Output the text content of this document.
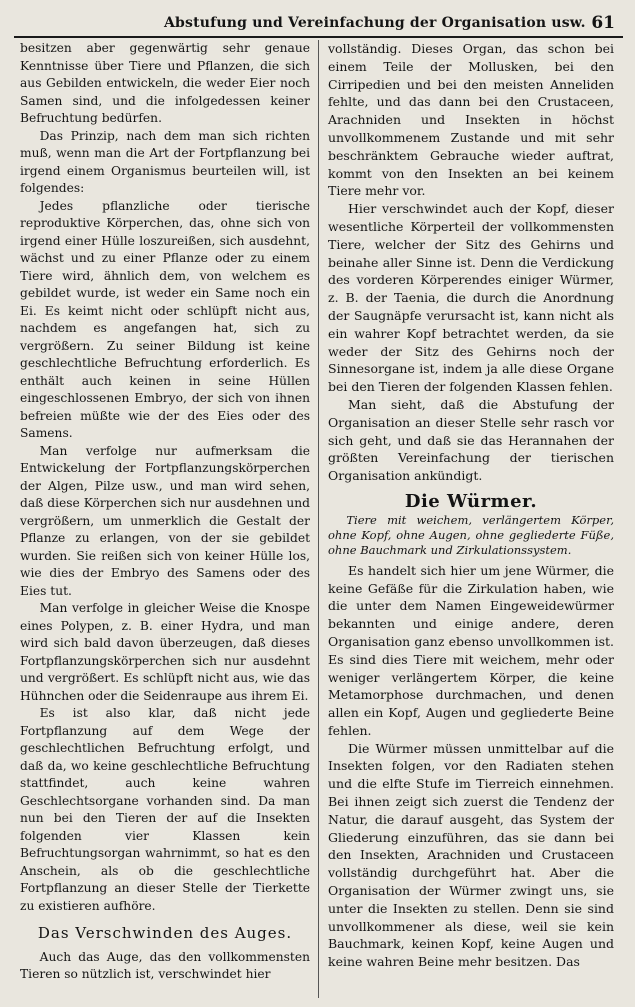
Abstufung und Vereinfachung der Organisation usw. 61

besitzen aber gegenwärtig sehr genaue Kenntnisse über Tiere und Pflanzen, die sich aus Gebilden entwickeln, die weder Eier noch Samen sind, und die infolgedessen keiner Befruchtung bedürfen.

Das Prinzip, nach dem man sich richten muß, wenn man die Art der Fortpflanzung bei irgend einem Organismus beurteilen will, ist folgendes:

Jedes pflanzliche oder tierische reproduktive Körperchen, das, ohne sich von irgend einer Hülle loszureißen, sich ausdehnt, wächst und zu einer Pflanze oder zu einem Tiere wird, ähnlich dem, von welchem es gebildet wurde, ist weder ein Same noch ein Ei. Es keimt nicht oder schlüpft nicht aus, nachdem es angefangen hat, sich zu vergrößern. Zu seiner Bildung ist keine geschlechtliche Befruchtung erforderlich. Es enthält auch keinen in seine Hüllen eingeschlossenen Embryo, der sich von ihnen befreien müßte wie der des Eies oder des Samens.

Man verfolge nur aufmerksam die Entwickelung der Fortpflanzungskörperchen der Algen, Pilze usw., und man wird sehen, daß diese Körperchen sich nur ausdehnen und vergrößern, um unmerklich die Gestalt der Pflanze zu erlangen, von der sie gebildet wurden. Sie reißen sich von keiner Hülle los, wie dies der Embryo des Samens oder des Eies tut.

Man verfolge in gleicher Weise die Knospe eines Polypen, z. B. einer Hydra, und man wird sich bald davon überzeugen, daß dieses Fortpflanzungskörperchen sich nur ausdehnt und vergrößert. Es schlüpft nicht aus, wie das Hühnchen oder die Seidenraupe aus ihrem Ei.

Es ist also klar, daß nicht jede Fortpflanzung auf dem Wege der geschlechtlichen Befruchtung erfolgt, und daß da, wo keine geschlechtliche Befruchtung stattfindet, auch keine wahren Geschlechtsorgane vorhanden sind. Da man nun bei den Tieren der auf die Insekten folgenden vier Klassen kein Befruchtungsorgan wahrnimmt, so hat es den Anschein, als ob die geschlechtliche Fortpflanzung an dieser Stelle der Tierkette zu existieren aufhöre.

Das Verschwinden des Auges.

Auch das Auge, das den vollkommensten Tieren so nützlich ist, verschwindet hier

vollständig. Dieses Organ, das schon bei einem Teile der Mollusken, bei den Cirripedien und bei den meisten Anneliden fehlte, und das dann bei den Crustaceen, Arachniden und Insekten in höchst unvollkommenem Zustande und mit sehr beschränktem Gebrauche wieder auftrat, kommt von den Insekten an bei keinem Tiere mehr vor.

Hier verschwindet auch der Kopf, dieser wesentliche Körperteil der vollkommensten Tiere, welcher der Sitz des Gehirns und beinahe aller Sinne ist. Denn die Verdickung des vorderen Körperendes einiger Würmer, z. B. der Taenia, die durch die Anordnung der Saugnäpfe verursacht ist, kann nicht als ein wahrer Kopf betrachtet werden, da sie weder der Sitz des Gehirns noch der Sinnesorgane ist, indem ja alle diese Organe bei den Tieren der folgenden Klassen fehlen.

Man sieht, daß die Abstufung der Organisation an dieser Stelle sehr rasch vor sich geht, und daß sie das Herannahen der größten Vereinfachung der tierischen Organisation ankündigt.

Die Würmer.
Tiere mit weichem, verlängertem Körper, ohne Kopf, ohne Augen, ohne gegliederte Füße, ohne Bauchmark und Zirkulationssystem.

Es handelt sich hier um jene Würmer, die keine Gefäße für die Zirkulation haben, wie die unter dem Namen Eingeweidewürmer bekannten und einige andere, deren Organisation ganz ebenso unvollkommen ist. Es sind dies Tiere mit weichem, mehr oder weniger verlängertem Körper, die keine Metamorphose durchmachen, und denen allen ein Kopf, Augen und gegliederte Beine fehlen.

Die Würmer müssen unmittelbar auf die Insekten folgen, vor den Radiaten stehen und die elfte Stufe im Tierreich einnehmen. Bei ihnen zeigt sich zuerst die Tendenz der Natur, die darauf ausgeht, das System der Gliederung einzuführen, das sie dann bei den Insekten, Arachniden und Crustaceen vollständig durchgeführt hat. Aber die Organisation der Würmer zwingt uns, sie unter die Insekten zu stellen. Denn sie sind unvollkommener als diese, weil sie kein Bauchmark, keinen Kopf, keine Augen und keine wahren Beine mehr besitzen. Das
